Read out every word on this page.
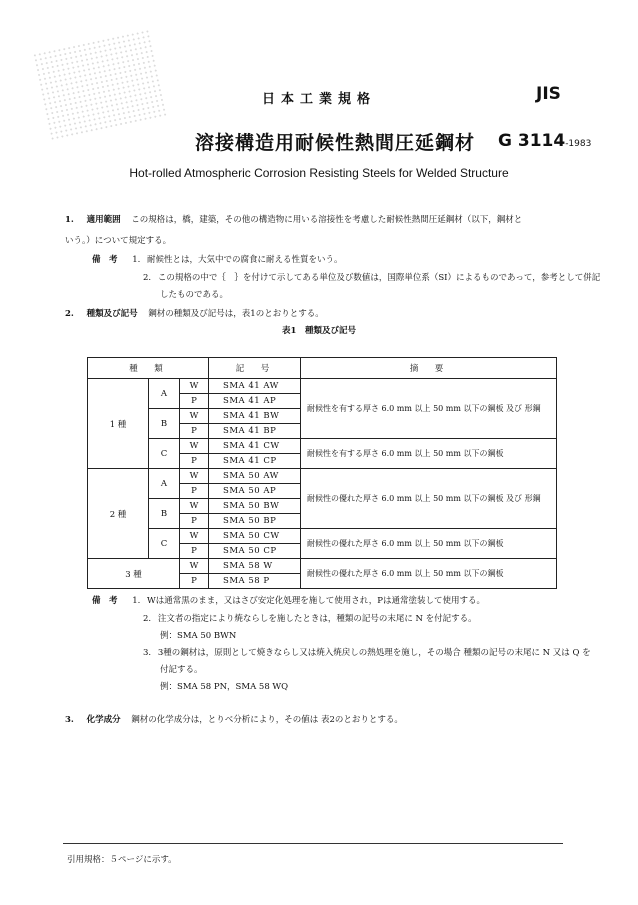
日本工業規格	JIS
溶接構造用耐候性熱間圧延鋼材 G 3114-1983
Hot-rolled Atmospheric Corrosion Resisting Steels for Welded Structure
1. 適用範囲 この規格は，橋，建築，その他の構造物に用いる溶接性を考慮した耐候性熱間圧延鋼材（以下，鋼材と
いう。）について規定する。
備　考 1. 耐候性とは，大気中での腐食に耐える性質をいう。
2. この規格の中で｛　｝を付けて示してある単位及び数値は，国際単位系（SI）によるものであって，参考として併記
したものである。
2. 種類及び記号 鋼材の種類及び記号は，表1のとおりとする。
表1　種類及び記号
種　類			記　号	摘　要
1 種	A	W	SMA 41 AW	耐候性を有する厚さ 6.0 mm 以上 50 mm 以下の鋼板 及び 形鋼
		P	SMA 41 AP	
	B	W	SMA 41 BW	
		P	SMA 41 BP	
	C	W	SMA 41 CW	耐候性を有する厚さ 6.0 mm 以上 50 mm 以下の鋼板
		P	SMA 41 CP	
2 種	A	W	SMA 50 AW	耐候性の優れた厚さ 6.0 mm 以上 50 mm 以下の鋼板 及び 形鋼
		P	SMA 50 AP	
	B	W	SMA 50 BW	
		P	SMA 50 BP	
	C	W	SMA 50 CW	耐候性の優れた厚さ 6.0 mm 以上 50 mm 以下の鋼板
		P	SMA 50 CP	
3 種		W	SMA 58 W	耐候性の優れた厚さ 6.0 mm 以上 50 mm 以下の鋼板
		P	SMA 58 P	
備　考 1. Wは通常黒のまま，又はさび安定化処理を施して使用され，Pは通常塗装して使用する。
2. 注文者の指定により焼ならしを施したときは，種類の記号の末尾に N を付記する。
例：SMA 50 BWN
3. 3種の鋼材は，原則として焼きならし又は焼入焼戻しの熱処理を施し，その場合 種類の記号の末尾に N 又は Q を
付記する。
例：SMA 58 PN，SMA 58 WQ
3. 化学成分 鋼材の化学成分は，とりべ分析により，その値は 表2のとおりとする。
引用規格：５ページに示す。
